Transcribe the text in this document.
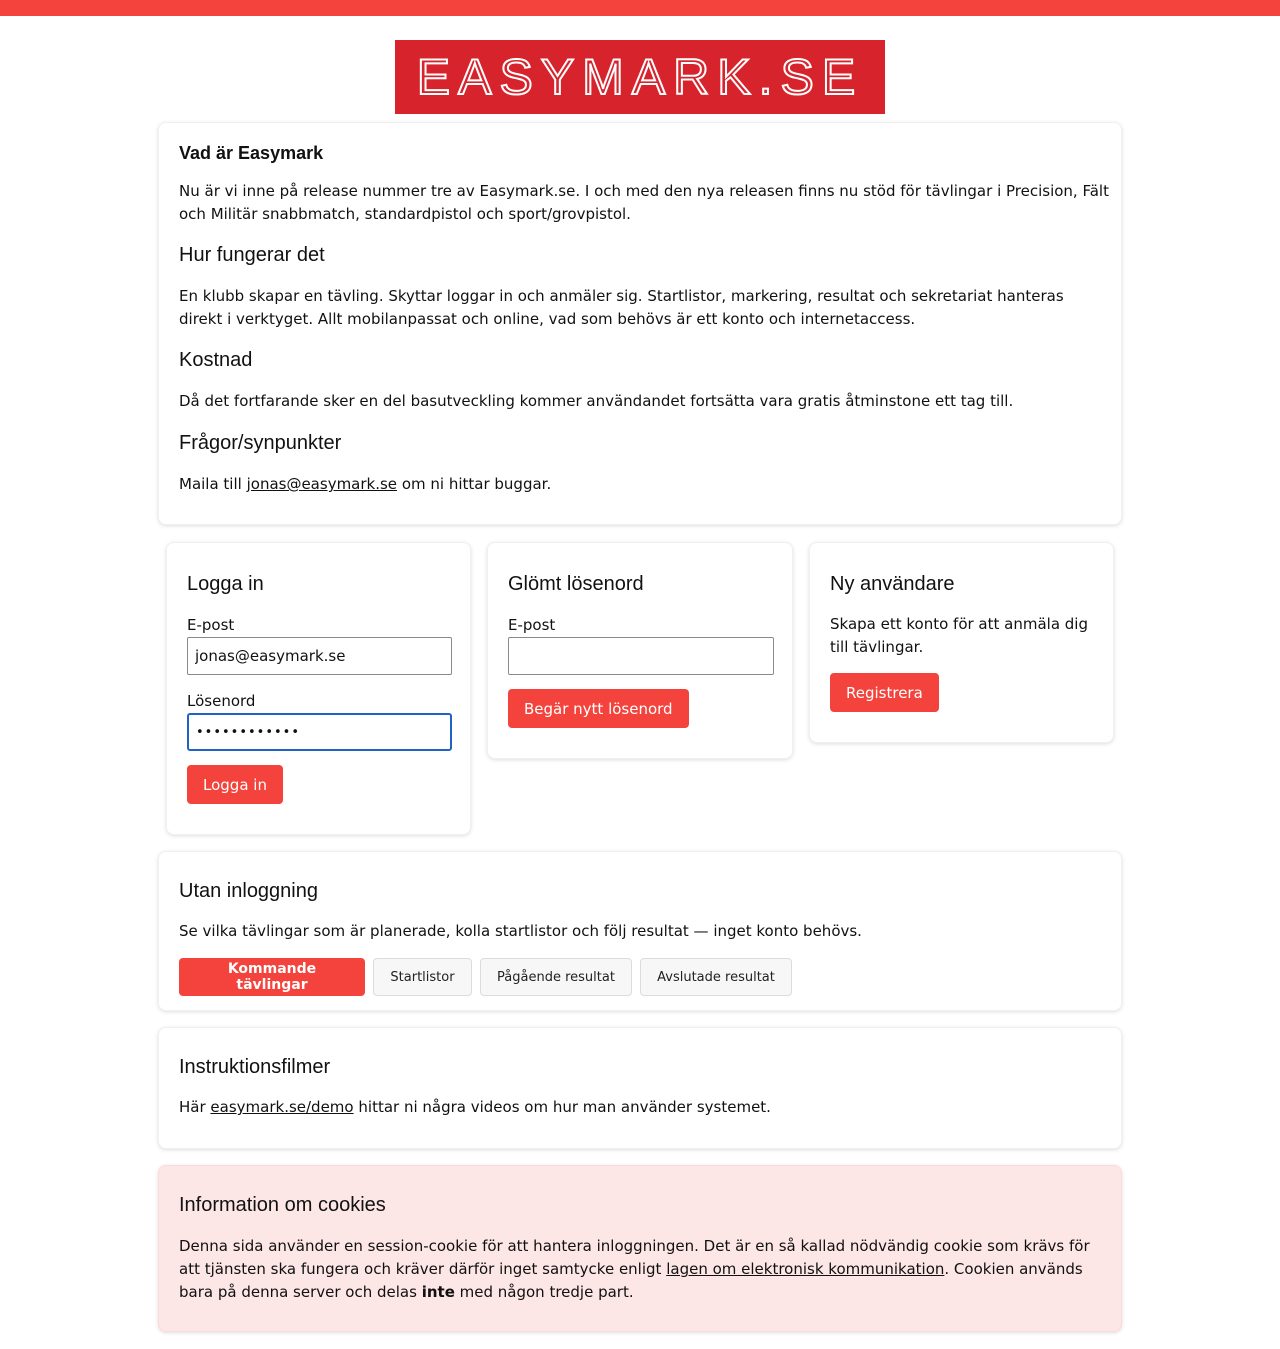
EASYMARK.SE
Vad är Easymark
Nu är vi inne på release nummer tre av Easymark.se. I och med den nya releasen finns nu stöd för tävlingar i Precision, Fält och Militär snabbmatch, standardpistol och sport/grovpistol.
Hur fungerar det
En klubb skapar en tävling. Skyttar loggar in och anmäler sig. Startlistor, markering, resultat och sekretariat hanteras direkt i verktyget. Allt mobilanpassat och online, vad som behövs är ett konto och internetaccess.
Kostnad
Då det fortfarande sker en del basutveckling kommer användandet fortsätta vara gratis åtminstone ett tag till.
Frågor/synpunkter
Maila till jonas@easymark.se om ni hittar buggar.
Logga in
E-post
jonas@easymark.se
Lösenord
••••••••••••
Logga in
Glömt lösenord
E-post
Begär nytt lösenord
Ny användare
Skapa ett konto för att anmäla dig till tävlingar.
Registrera
Utan inloggning
Se vilka tävlingar som är planerade, kolla startlistor och följ resultat — inget konto behövs.
Kommande tävlingar	Startlistor	Pågående resultat	Avslutade resultat
Instruktionsfilmer
Här easymark.se/demo hittar ni några videos om hur man använder systemet.
Information om cookies
Denna sida använder en session-cookie för att hantera inloggningen. Det är en så kallad nödvändig cookie som krävs för att tjänsten ska fungera och kräver därför inget samtycke enligt lagen om elektronisk kommunikation. Cookien används bara på denna server och delas inte med någon tredje part.
